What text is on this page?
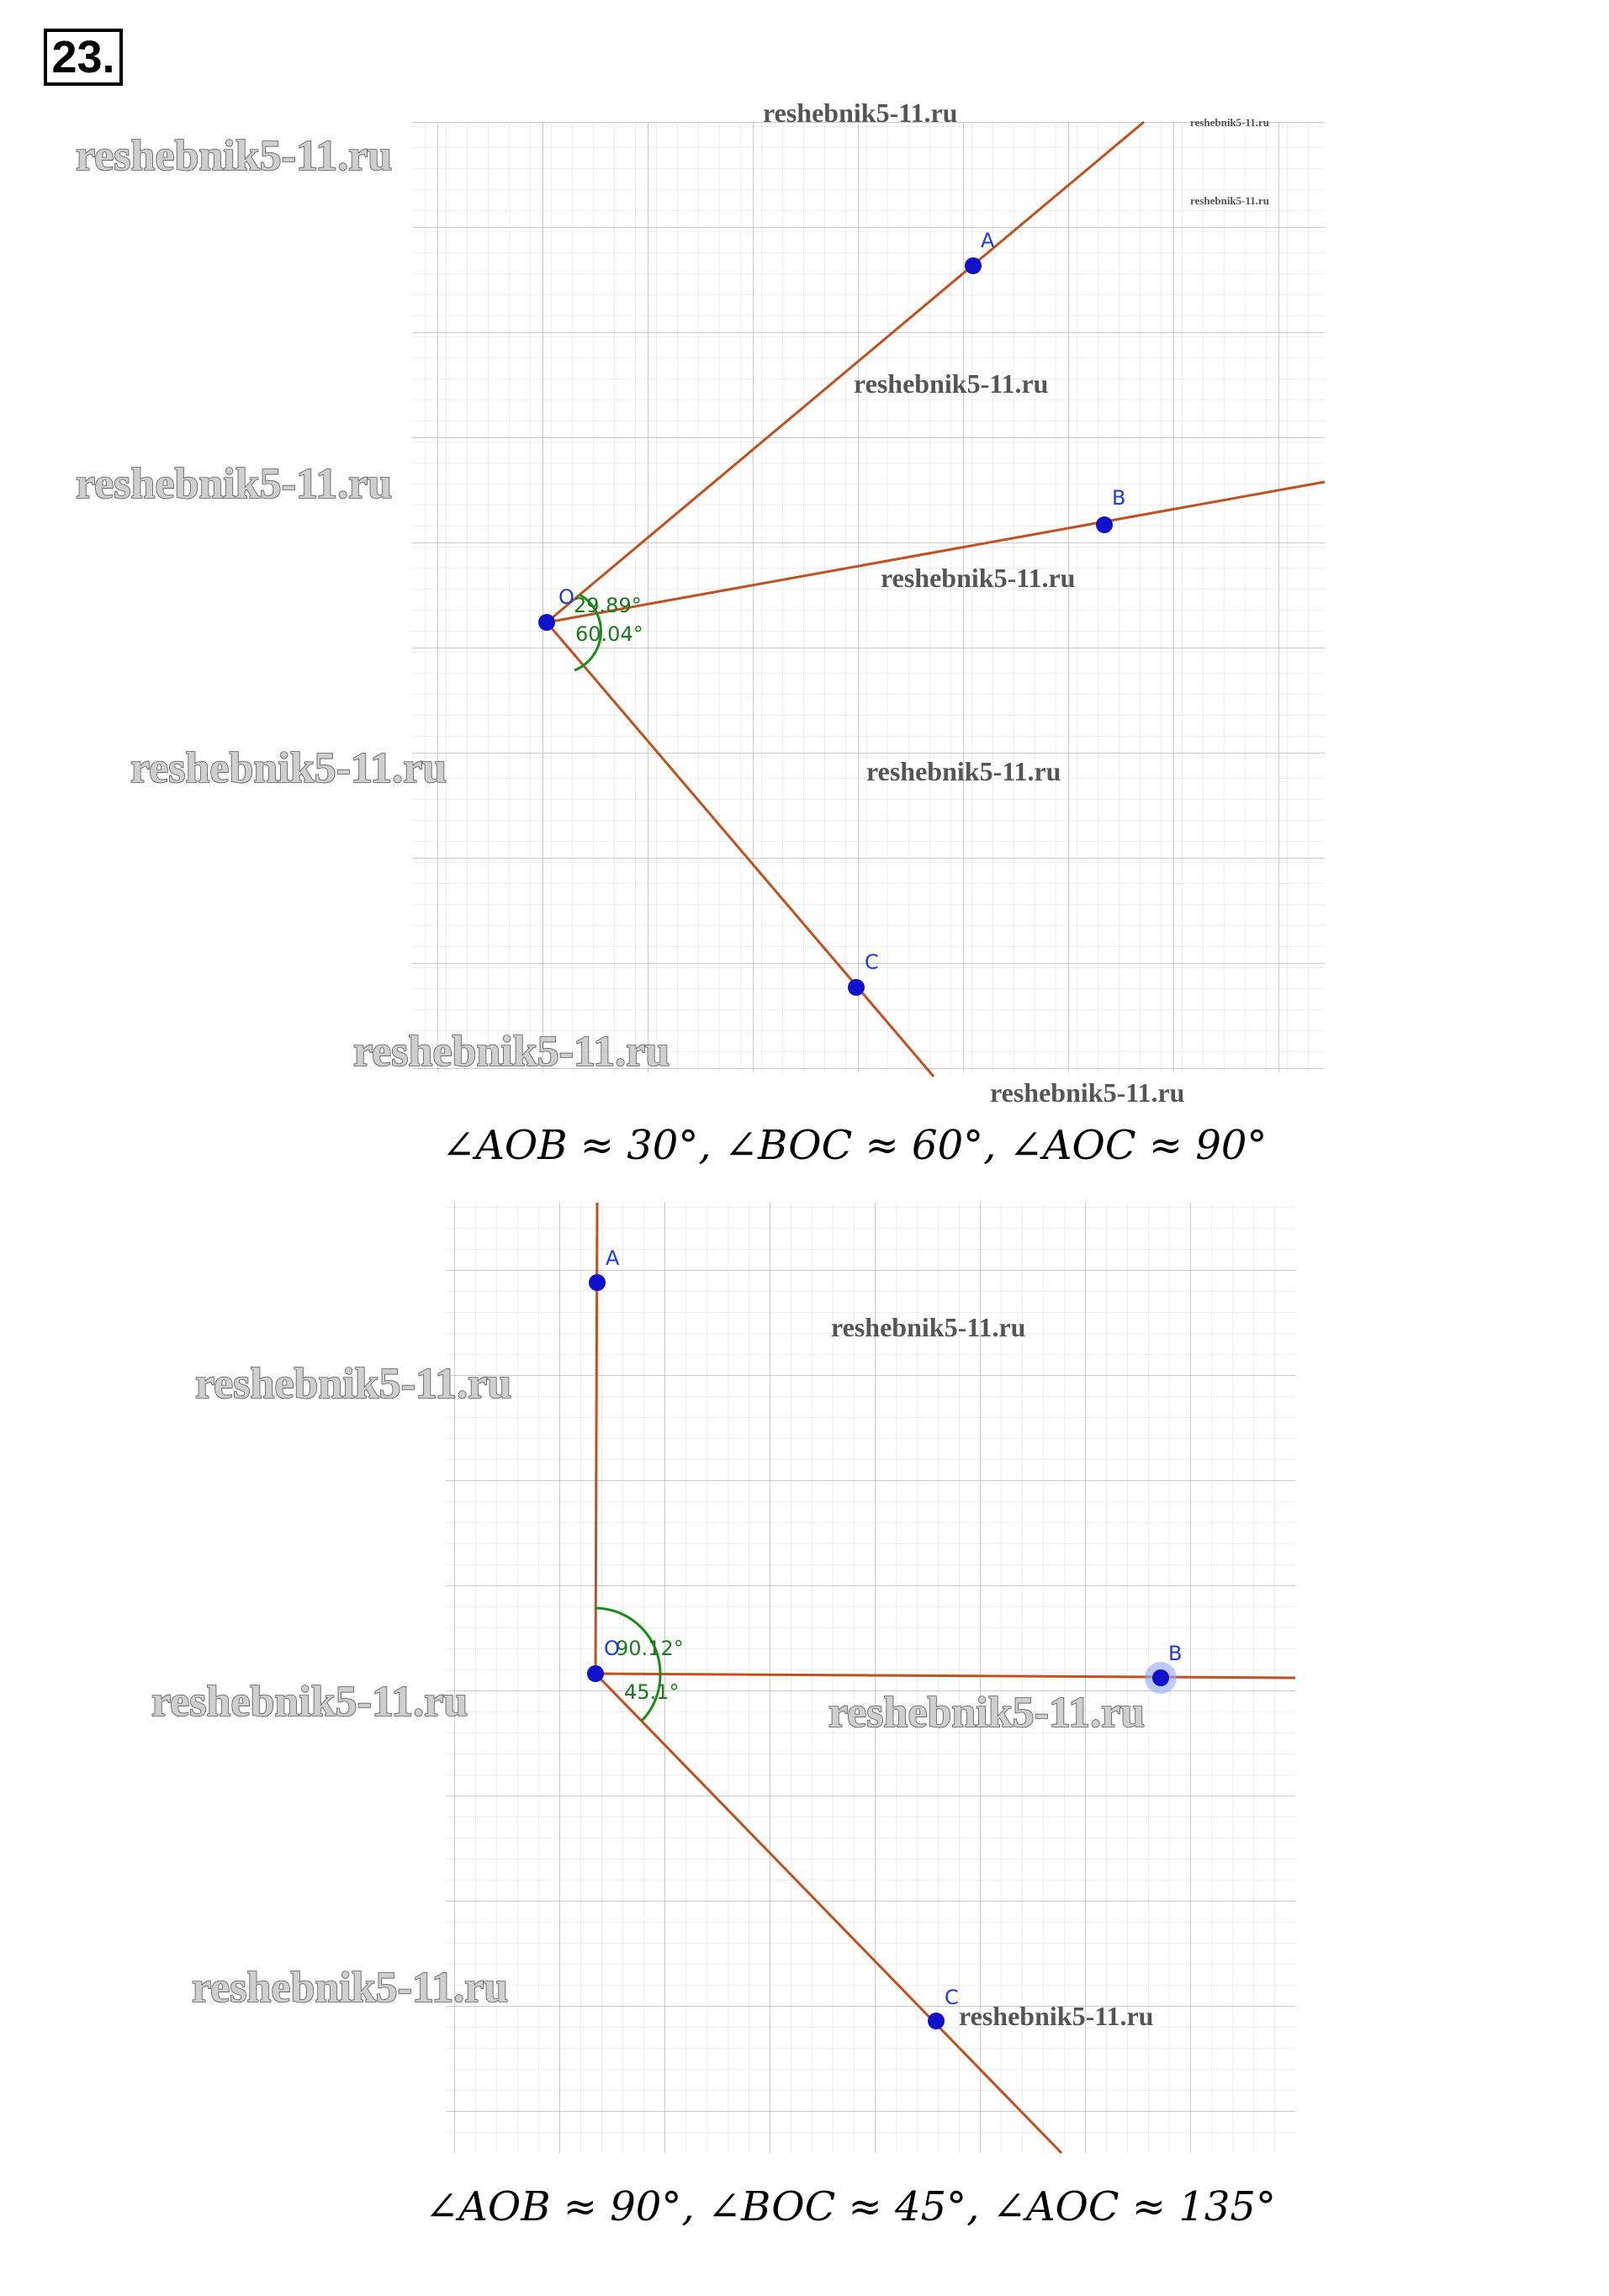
23.
29.89°
60.04°
O
A
B
C
∠AOB ≈ 30°, ∠BOC ≈ 60°, ∠AOC ≈ 90°
90.12°
45.1°
O
A
B
C
∠AOB ≈ 90°, ∠BOC ≈ 45°, ∠AOC ≈ 135°
reshebnik5-11.ru
reshebnik5-11.ru
reshebnik5-11.ru
reshebnik5-11.ru
reshebnik5-11.ru
reshebnik5-11.ru
reshebnik5-11.ru
reshebnik5-11.ru
reshebnik5-11.ru
reshebnik5-11.ru
reshebnik5-11.ru
reshebnik5-11.ru
reshebnik5-11.ru	reshebnik5-11.ru
reshebnik5-11.ru
reshebnik5-11.ru
reshebnik5-11.ru
